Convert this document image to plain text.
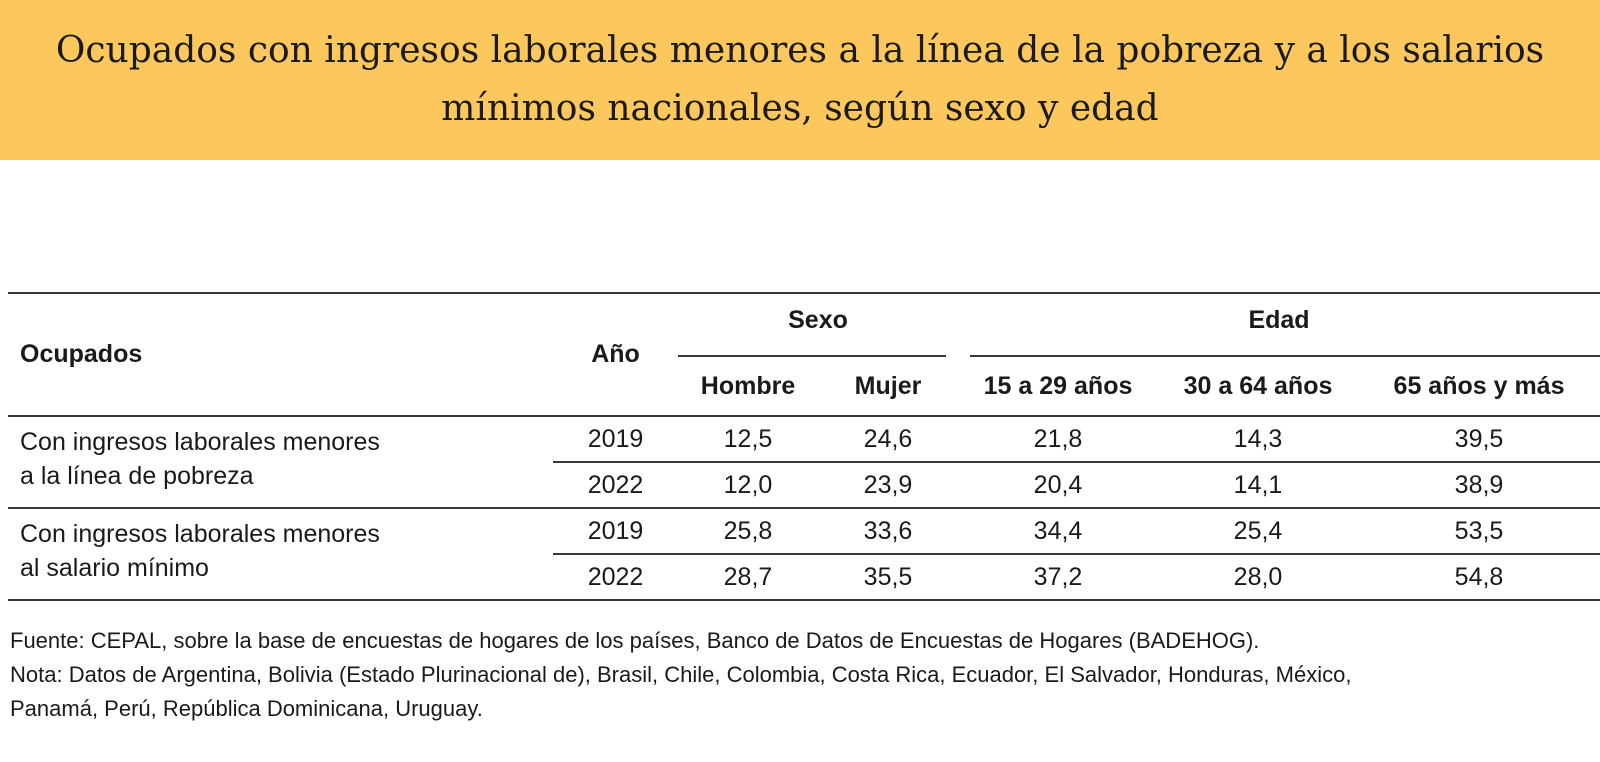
Ocupados con ingresos laborales menores a la línea de la pobreza y a los salarios
mínimos nacionales, según sexo y edad
Ocupados	Año	Sexo		Edad		

		Hombre	Mujer	15 a 29 años	30 a 64 años	65 años y más
Con ingresos laborales menores
a la línea de pobreza	2019	12,5	24,6	21,8	14,3	39,5
	2022	12,0	23,9	20,4	14,1	38,9
Con ingresos laborales menores
al salario mínimo	2019	25,8	33,6	34,4	25,4	53,5
	2022	28,7	35,5	37,2	28,0	54,8
Fuente: CEPAL, sobre la base de encuestas de hogares de los países, Banco de Datos de Encuestas de Hogares (BADEHOG).
Nota: Datos de Argentina, Bolivia (Estado Plurinacional de), Brasil, Chile, Colombia, Costa Rica, Ecuador, El Salvador, Honduras, México,
Panamá, Perú, República Dominicana, Uruguay.
